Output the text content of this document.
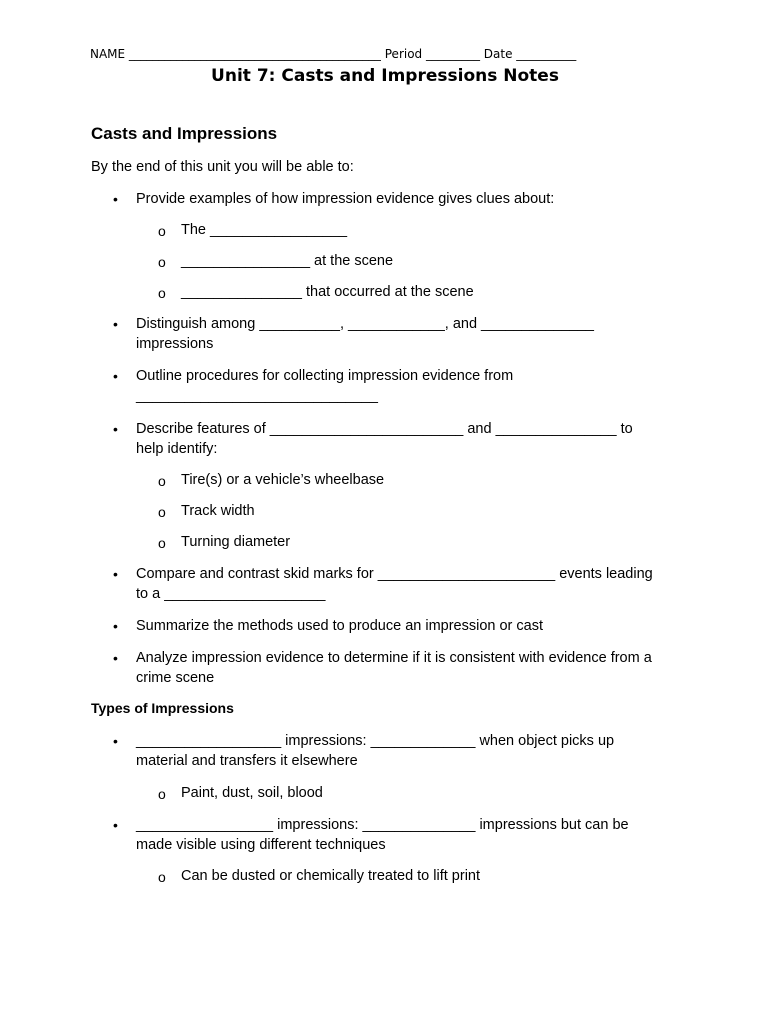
NAME __________________________________________ Period _________ Date __________
Unit 7: Casts and Impressions Notes
Casts and Impressions
By the end of this unit you will be able to:
• Provide examples of how impression evidence gives clues about:
o The _________________
o ________________ at the scene
o _______________ that occurred at the scene
• Distinguish among __________, ____________, and ______________
impressions
• Outline procedures for collecting impression evidence from
______________________________
• Describe features of ________________________ and _______________ to
help identify:
o Tire(s) or a vehicle’s wheelbase
o Track width
o Turning diameter
• Compare and contrast skid marks for ______________________ events leading
to a ____________________
• Summarize the methods used to produce an impression or cast
• Analyze impression evidence to determine if it is consistent with evidence from a
crime scene
Types of Impressions
• __________________ impressions: _____________ when object picks up
material and transfers it elsewhere
o Paint, dust, soil, blood
• _________________ impressions: ______________ impressions but can be
made visible using different techniques
o Can be dusted or chemically treated to lift print
